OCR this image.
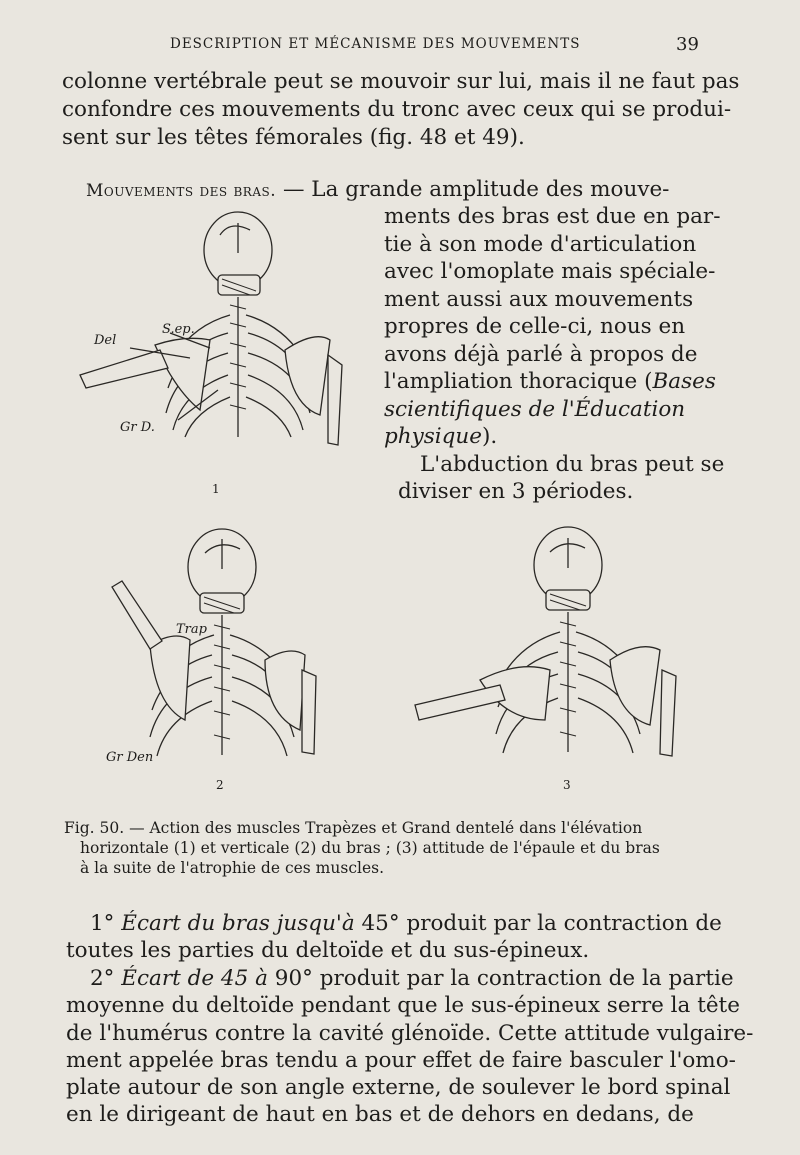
DESCRIPTION ET MÉCANISME DES MOUVEMENTS	39
colonne vertébrale peut se mouvoir sur lui, mais il ne faut pas
confondre ces mouvements du tronc avec ceux qui se produi-
sent sur les têtes fémorales (fig. 48 et 49).
Mouvements des bras. — La grande amplitude des mouve-
ments des bras est due en par-
tie à son mode d'articulation
avec l'omoplate mais spéciale-
ment aussi aux mouvements
propres de celle-ci, nous en
avons déjà parlé à propos de
l'ampliation thoracique (Bases
scientifiques de l'Éducation
physique).
L'abduction du bras peut se
diviser en 3 périodes.
Del
S.ep.
Gr D.
1
Trap
Gr Den
2	3
Fig. 50. — Action des muscles Trapèzes et Grand dentelé dans l'élévation
horizontale (1) et verticale (2) du bras ; (3) attitude de l'épaule et du bras
à la suite de l'atrophie de ces muscles.
1° Écart du bras jusqu'à 45° produit par la contraction de
toutes les parties du deltoïde et du sus-épineux.
2° Écart de 45 à 90° produit par la contraction de la partie
moyenne du deltoïde pendant que le sus-épineux serre la tête
de l'humérus contre la cavité glénoïde. Cette attitude vulgaire-
ment appelée bras tendu a pour effet de faire basculer l'omo-
plate autour de son angle externe, de soulever le bord spinal
en le dirigeant de haut en bas et de dehors en dedans, de
